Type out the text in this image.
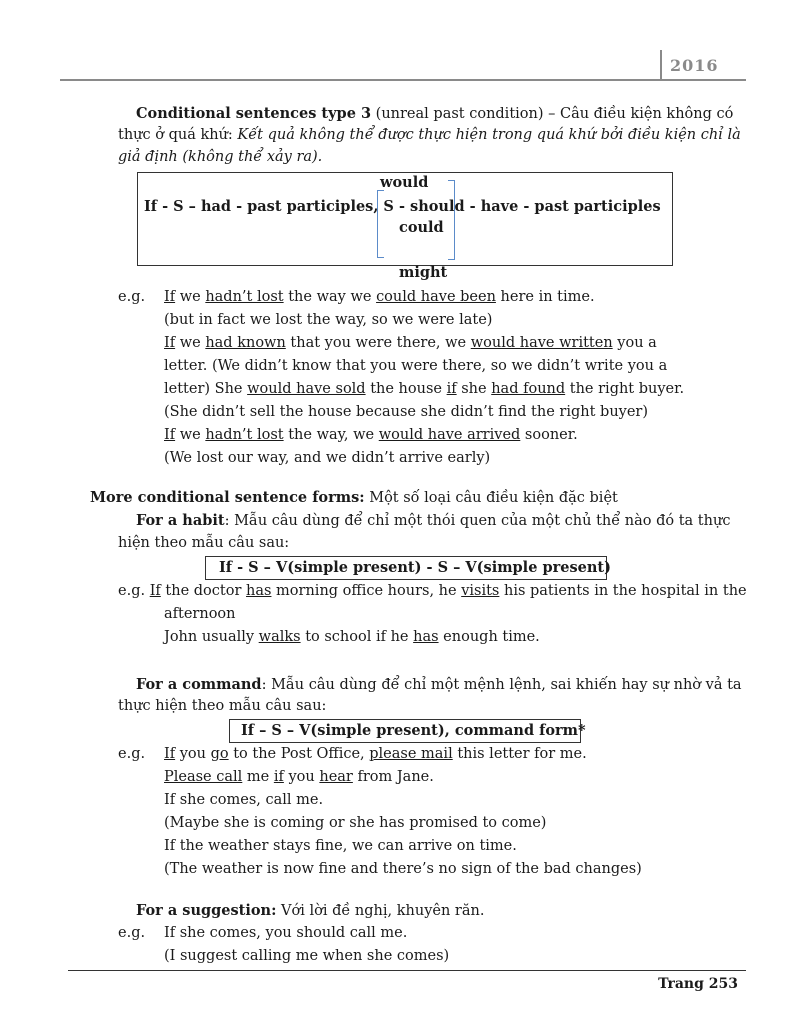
2016
Conditional sentences type 3 (unreal past condition) – Câu điều kiện không có
thực ở quá khứ: Kết quả không thể được thực hiện trong quá khứ bởi điều kiện chỉ là
giả định (không thể xảy ra).
would
If - S – had - past participles, S - should - have - past participles
could
might
e.g. If we hadn’t lost the way we could have been here in time.
(but in fact we lost the way, so we were late)
If we had known that you were there, we would have written you a
letter. (We didn’t know that you were there, so we didn’t write you a
letter) She would have sold the house if she had found the right buyer.
(She didn’t sell the house because she didn’t find the right buyer)
If we hadn’t lost the way, we would have arrived sooner.
(We lost our way, and we didn’t arrive early)
More conditional sentence forms: Một số loại câu điều kiện đặc biệt
For a habit: Mẫu câu dùng để chỉ một thói quen của một chủ thể nào đó ta thực
hiện theo mẫu câu sau:
If - S – V(simple present) - S – V(simple present)
e.g. If the doctor has morning office hours, he visits his patients in the hospital in the
afternoon
John usually walks to school if he has enough time.
For a command: Mẫu câu dùng để chỉ một mệnh lệnh, sai khiến hay sự nhờ vả ta
thực hiện theo mẫu câu sau:
If – S – V(simple present), command form*
e.g. If you go to the Post Office, please mail this letter for me.
Please call me if you hear from Jane.
If she comes, call me.
(Maybe she is coming or she has promised to come)
If the weather stays fine, we can arrive on time.
(The weather is now fine and there’s no sign of the bad changes)
For a suggestion: Với lời đề nghị, khuyên răn.
e.g. If she comes, you should call me.
(I suggest calling me when she comes)
Trang 253
